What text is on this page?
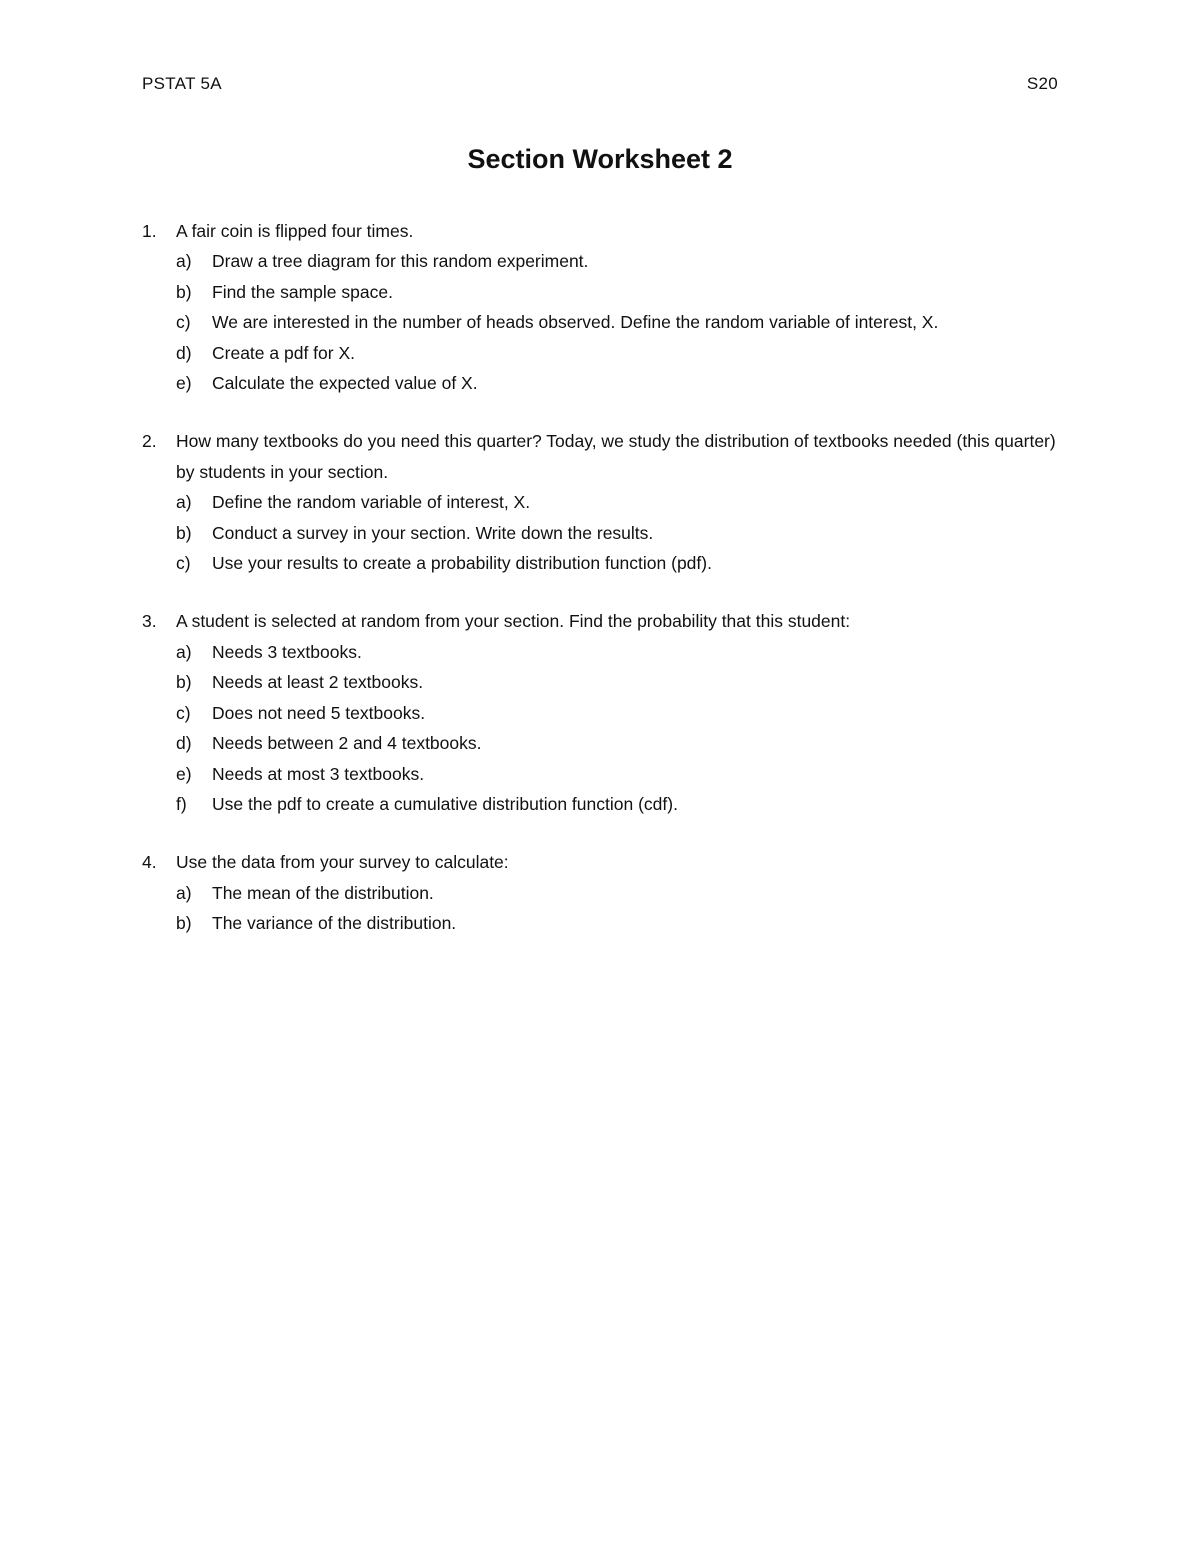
PSTAT 5A	S20
Section Worksheet 2
1.	A fair coin is flipped four times.
a)	Draw a tree diagram for this random experiment.
b)	Find the sample space.
c)	We are interested in the number of heads observed. Define the random variable of interest, X.
d)	Create a pdf for X.
e)	Calculate the expected value of X.
2.	How many textbooks do you need this quarter? Today, we study the distribution of textbooks needed (this quarter) by students in your section.
a)	Define the random variable of interest, X.
b)	Conduct a survey in your section. Write down the results.
c)	Use your results to create a probability distribution function (pdf).
3.	A student is selected at random from your section. Find the probability that this student:
a)	Needs 3 textbooks.
b)	Needs at least 2 textbooks.
c)	Does not need 5 textbooks.
d)	Needs between 2 and 4 textbooks.
e)	Needs at most 3 textbooks.
f)	Use the pdf to create a cumulative distribution function (cdf).
4.	Use the data from your survey to calculate:
a)	The mean of the distribution.
b)	The variance of the distribution.
